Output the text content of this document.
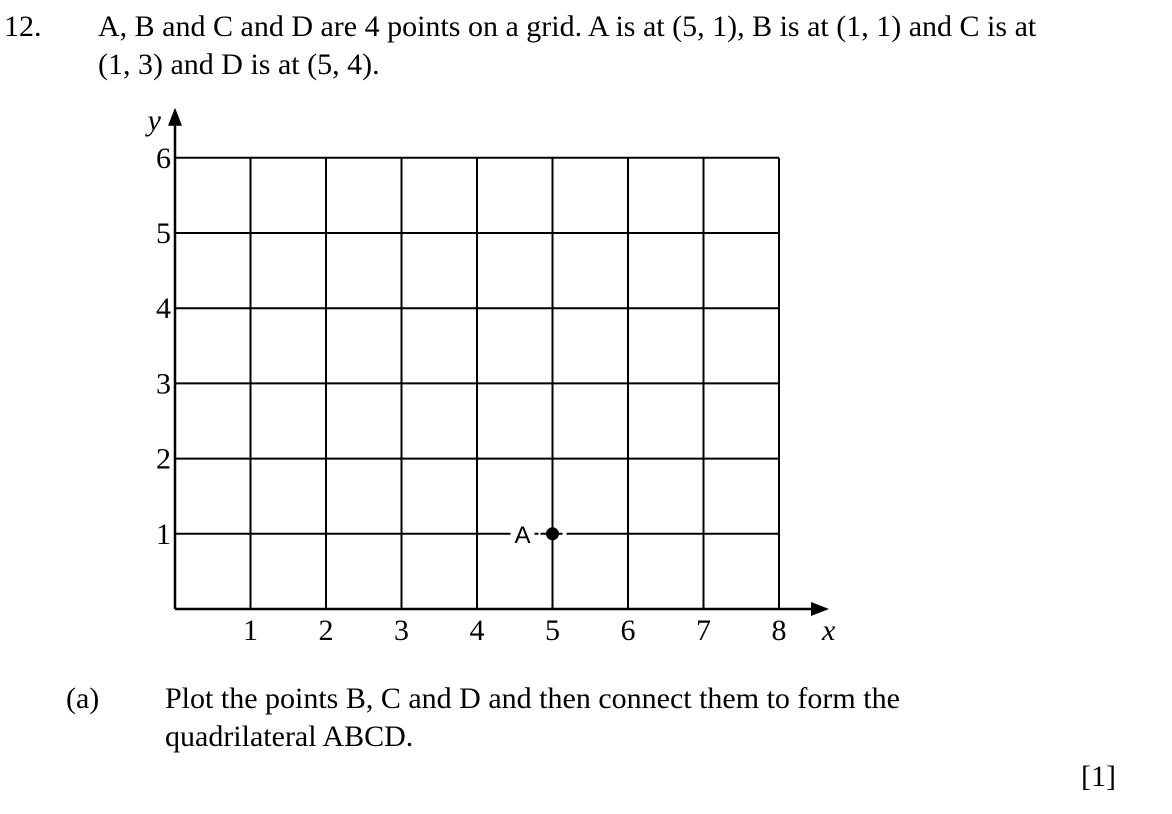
12. A, B and C and D are 4 points on a grid. A is at (5, 1), B is at (1, 1) and C is at
(1, 3) and D is at (5, 4).
1 2 3 4 5 6 7 8
1
2
3
4
5
6
x
y
A
(a) Plot the points B, C and D and then connect them to form the
quadrilateral ABCD.
[1]
